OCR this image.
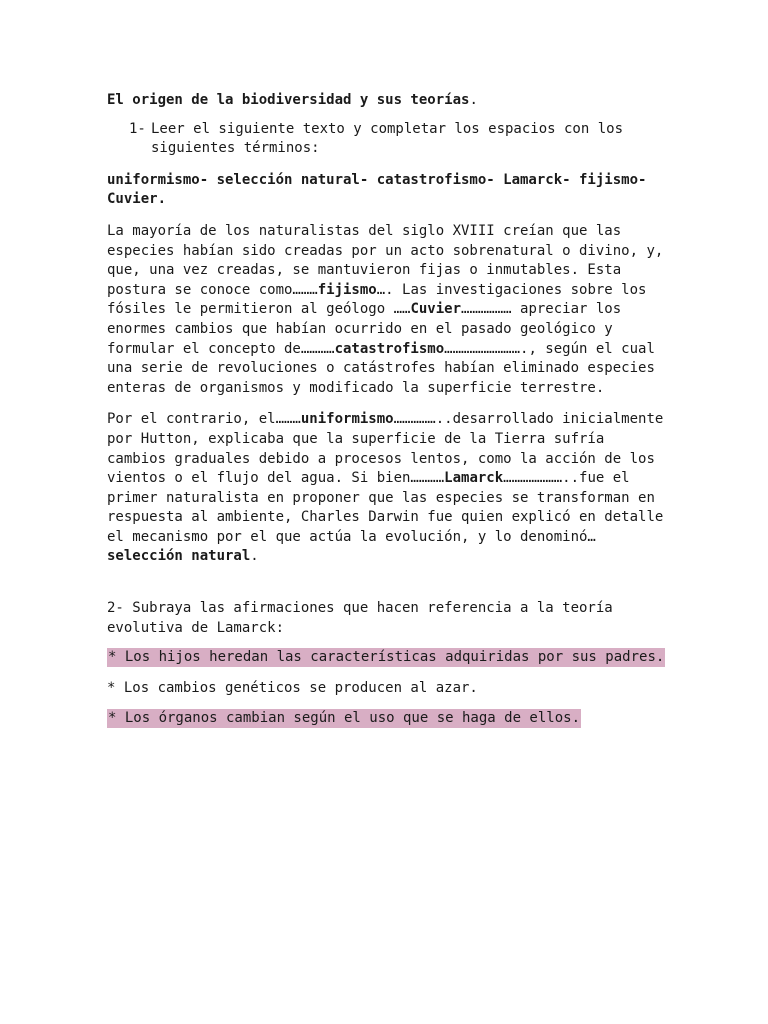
El origen de la biodiversidad y sus teorías.
1- Leer el siguiente texto y completar los espacios con los siguientes términos:
uniformismo- selección natural- catastrofismo- Lamarck- fijismo- Cuvier.

La mayoría de los naturalistas del siglo XVIII creían que las especies habían sido creadas por un acto sobrenatural o divino, y, que, una vez creadas, se mantuvieron fijas o inmutables. Esta postura se conoce como………fijismo…. Las investigaciones sobre los fósiles le permitieron al geólogo ……Cuvier……………… apreciar los enormes cambios que habían ocurrido en el pasado geológico y formular el concepto de…………catastrofismo………………………., según el cual una serie de revoluciones o catástrofes habían eliminado especies enteras de organismos y modificado la superficie terrestre.

Por el contrario, el………uniformismo……………..desarrollado inicialmente por Hutton, explicaba que la superficie de la Tierra sufría cambios graduales debido a procesos lentos, como la acción de los vientos o el flujo del agua. Si bien…………Lamarck…………………..fue el primer naturalista en proponer que las especies se transforman en respuesta al ambiente, Charles Darwin fue quien explicó en detalle el mecanismo por el que actúa la evolución, y lo denominó…selección natural.

2- Subraya las afirmaciones que hacen referencia a la teoría evolutiva de Lamarck:
* Los hijos heredan las características adquiridas por sus padres.
* Los cambios genéticos se producen al azar.
* Los órganos cambian según el uso que se haga de ellos.
